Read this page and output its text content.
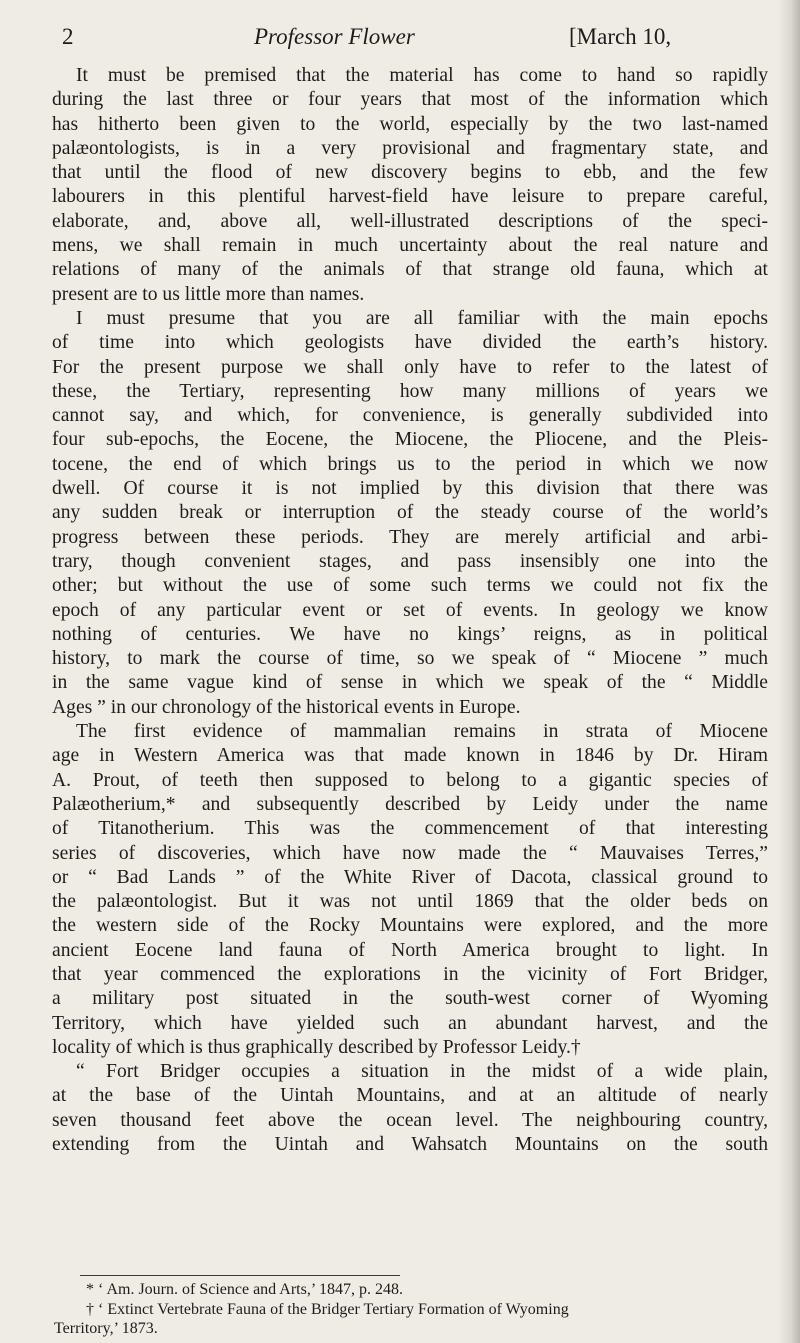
2	Professor Flower	[March 10,
It must be premised that the material has come to hand so rapidly
during the last three or four years that most of the information which
has hitherto been given to the world, especially by the two last-named
palæontologists, is in a very provisional and fragmentary state, and
that until the flood of new discovery begins to ebb, and the few
labourers in this plentiful harvest-field have leisure to prepare careful,
elaborate, and, above all, well-illustrated descriptions of the speci-
mens, we shall remain in much uncertainty about the real nature and
relations of many of the animals of that strange old fauna, which at
present are to us little more than names.
I must presume that you are all familiar with the main epochs
of time into which geologists have divided the earth’s history.
For the present purpose we shall only have to refer to the latest of
these, the Tertiary, representing how many millions of years we
cannot say, and which, for convenience, is generally subdivided into
four sub-epochs, the Eocene, the Miocene, the Pliocene, and the Pleis-
tocene, the end of which brings us to the period in which we now
dwell. Of course it is not implied by this division that there was
any sudden break or interruption of the steady course of the world’s
progress between these periods. They are merely artificial and arbi-
trary, though convenient stages, and pass insensibly one into the
other; but without the use of some such terms we could not fix the
epoch of any particular event or set of events. In geology we know
nothing of centuries. We have no kings’ reigns, as in political
history, to mark the course of time, so we speak of “ Miocene ” much
in the same vague kind of sense in which we speak of the “ Middle
Ages ” in our chronology of the historical events in Europe.
The first evidence of mammalian remains in strata of Miocene
age in Western America was that made known in 1846 by Dr. Hiram
A. Prout, of teeth then supposed to belong to a gigantic species of
Palæotherium,* and subsequently described by Leidy under the name
of Titanotherium. This was the commencement of that interesting
series of discoveries, which have now made the “ Mauvaises Terres,”
or “ Bad Lands ” of the White River of Dacota, classical ground to
the palæontologist. But it was not until 1869 that the older beds on
the western side of the Rocky Mountains were explored, and the more
ancient Eocene land fauna of North America brought to light. In
that year commenced the explorations in the vicinity of Fort Bridger,
a military post situated in the south-west corner of Wyoming
Territory, which have yielded such an abundant harvest, and the
locality of which is thus graphically described by Professor Leidy.†
“ Fort Bridger occupies a situation in the midst of a wide plain,
at the base of the Uintah Mountains, and at an altitude of nearly
seven thousand feet above the ocean level. The neighbouring country,
extending from the Uintah and Wahsatch Mountains on the south
* ‘ Am. Journ. of Science and Arts,’ 1847, p. 248.
† ‘ Extinct Vertebrate Fauna of the Bridger Tertiary Formation of Wyoming
Territory,’ 1873.
